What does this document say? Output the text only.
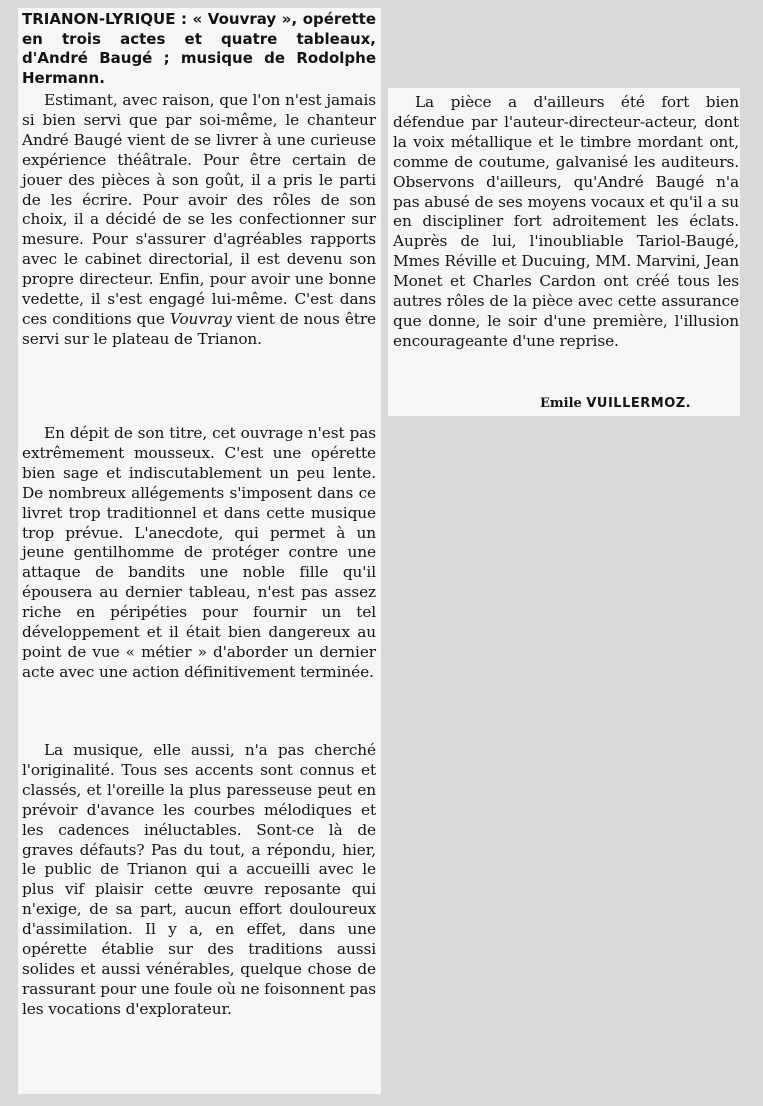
TRIANON-LYRIQUE : « Vouvray », opérette en trois actes et quatre tableaux, d'André Baugé ; musique de Rodolphe Hermann.

Estimant, avec raison, que l'on n'est jamais si bien servi que par soi-même, le chanteur André Baugé vient de se livrer à une curieuse expérience théâtrale. Pour être certain de jouer des pièces à son goût, il a pris le parti de les écrire. Pour avoir des rôles de son choix, il a décidé de se les confectionner sur mesure. Pour s'assurer d'agréables rapports avec le cabinet directorial, il est devenu son propre directeur. Enfin, pour avoir une bonne vedette, il s'est engagé lui-même. C'est dans ces conditions que Vouvray vient de nous être servi sur le plateau de Trianon.

En dépit de son titre, cet ouvrage n'est pas extrêmement mousseux. C'est une opérette bien sage et indiscutablement un peu lente. De nombreux allégements s'imposent dans ce livret trop traditionnel et dans cette musique trop prévue. L'anecdote, qui permet à un jeune gentilhomme de protéger contre une attaque de bandits une noble fille qu'il épousera au dernier tableau, n'est pas assez riche en péripéties pour fournir un tel développement et il était bien dangereux au point de vue « métier » d'aborder un dernier acte avec une action définitivement terminée.

La musique, elle aussi, n'a pas cherché l'originalité. Tous ses accents sont connus et classés, et l'oreille la plus paresseuse peut en prévoir d'avance les courbes mélodiques et les cadences inéluctables. Sont-ce là de graves défauts? Pas du tout, a répondu, hier, le public de Trianon qui a accueilli avec le plus vif plaisir cette œuvre reposante qui n'exige, de sa part, aucun effort douloureux d'assimilation. Il y a, en effet, dans une opérette établie sur des traditions aussi solides et aussi vénérables, quelque chose de rassurant pour une foule où ne foisonnent pas les vocations d'explorateur.

La pièce a d'ailleurs été fort bien défendue par l'auteur-directeur-acteur, dont la voix métallique et le timbre mordant ont, comme de coutume, galvanisé les auditeurs. Observons d'ailleurs, qu'André Baugé n'a pas abusé de ses moyens vocaux et qu'il a su en discipliner fort adroitement les éclats. Auprès de lui, l'inoubliable Tariol-Baugé, Mmes Réville et Ducuing, MM. Marvini, Jean Monet et Charles Cardon ont créé tous les autres rôles de la pièce avec cette assurance que donne, le soir d'une première, l'illusion encourageante d'une reprise.

Emile VUILLERMOZ.
